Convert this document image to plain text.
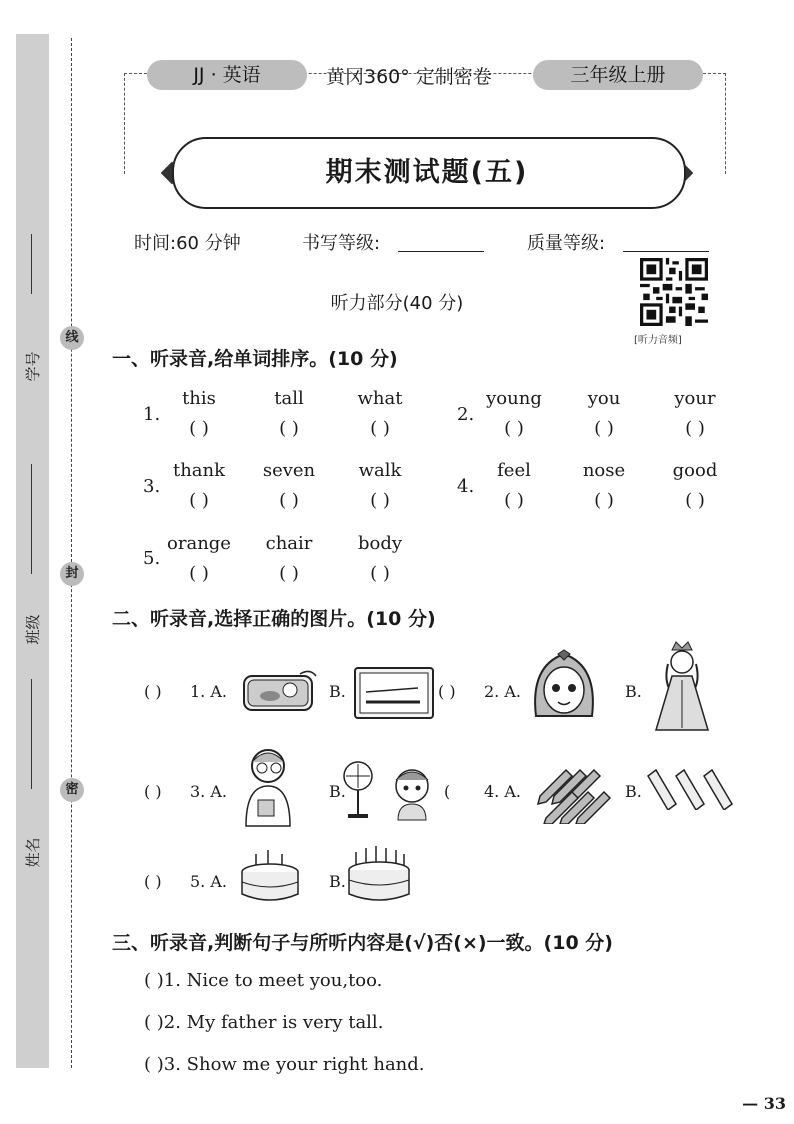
学号
班级
姓名
线
封
密
JJ · 英语	黄冈360° 定制密卷	三年级上册
期末测试题(五)
时间:60 分钟	书写等级:	质量等级:
[听力音频]
听力部分(40 分)
一、听录音,给单词排序。(10 分)
1.
this	tall	what
( )	( )	( )
2.
young	you	your
( )	( )	( )
3.
thank	seven	walk
( )	( )	( )
4.
feel	nose	good
( )	( )	( )
5.
orange	chair	body
( )	( )	( )
二、听录音,选择正确的图片。(10 分)
( )	1. A.	B.	( )	2. A.	B.
( )	3. A.	B.	( 4. A.	B.
( )	5. A.	B.
三、听录音,判断句子与所听内容是(√)否(×)一致。(10 分)
( )1. Nice to meet you,too.
( )2. My father is very tall.
( )3. Show me your right hand.
— 33
